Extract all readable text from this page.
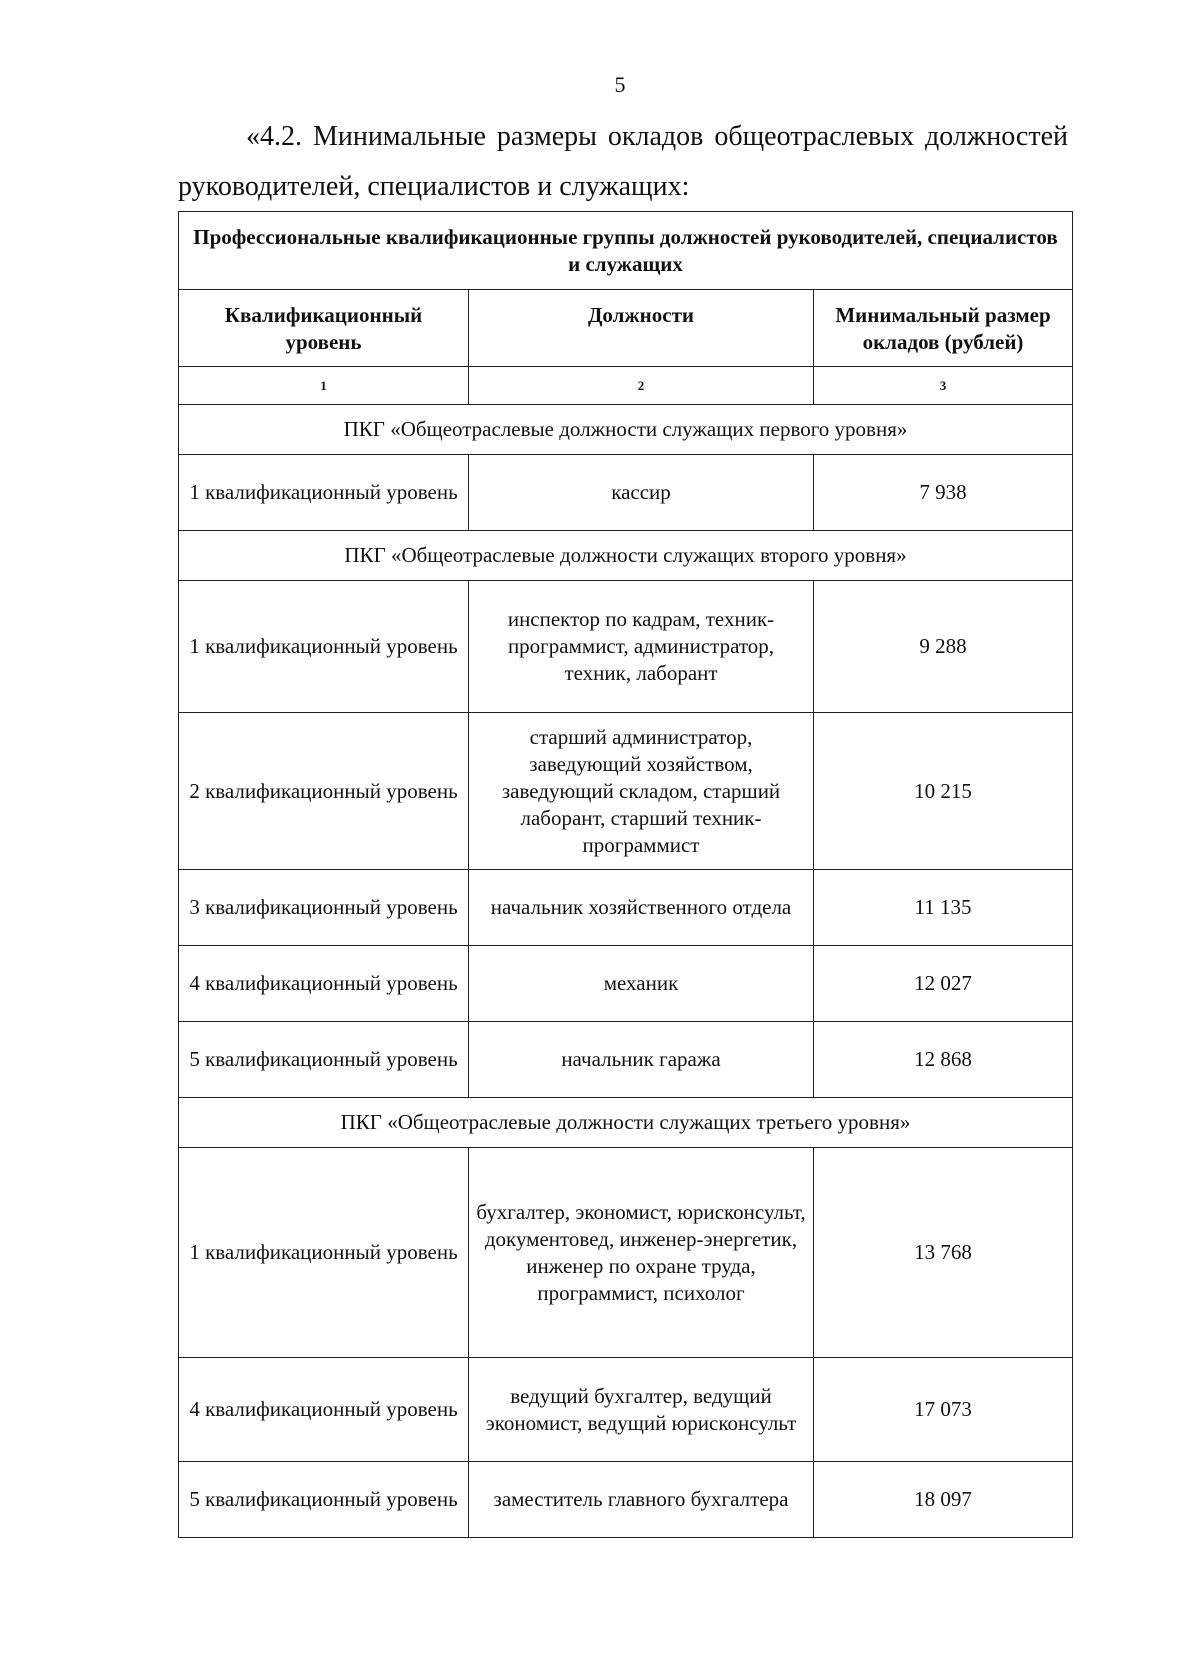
5
«4.2. Минимальные размеры окладов общеотраслевых должностей руководителей, специалистов и служащих:
Профессиональные квалификационные группы должностей руководителей, специалистов и служащих		
Квалификационный уровень	Должности	Минимальный размер окладов (рублей)
1	2	3
ПКГ «Общеотраслевые должности служащих первого уровня»		
1 квалификационный уровень	кассир	7 938
ПКГ «Общеотраслевые должности служащих второго уровня»		
1 квалификационный уровень	инспектор по кадрам, техник-программист, администратор, техник, лаборант	9 288
2 квалификационный уровень	старший администратор, заведующий хозяйством, заведующий складом, старший лаборант, старший техник-программист	10 215
3 квалификационный уровень	начальник хозяйственного отдела	11 135
4 квалификационный уровень	механик	12 027
5 квалификационный уровень	начальник гаража	12 868
ПКГ «Общеотраслевые должности служащих третьего уровня»		
1 квалификационный уровень	бухгалтер, экономист, юрисконсульт, документовед, инженер-энергетик, инженер по охране труда, программист, психолог	13 768
4 квалификационный уровень	ведущий бухгалтер, ведущий экономист, ведущий юрисконсульт	17 073
5 квалификационный уровень	заместитель главного бухгалтера	18 097
